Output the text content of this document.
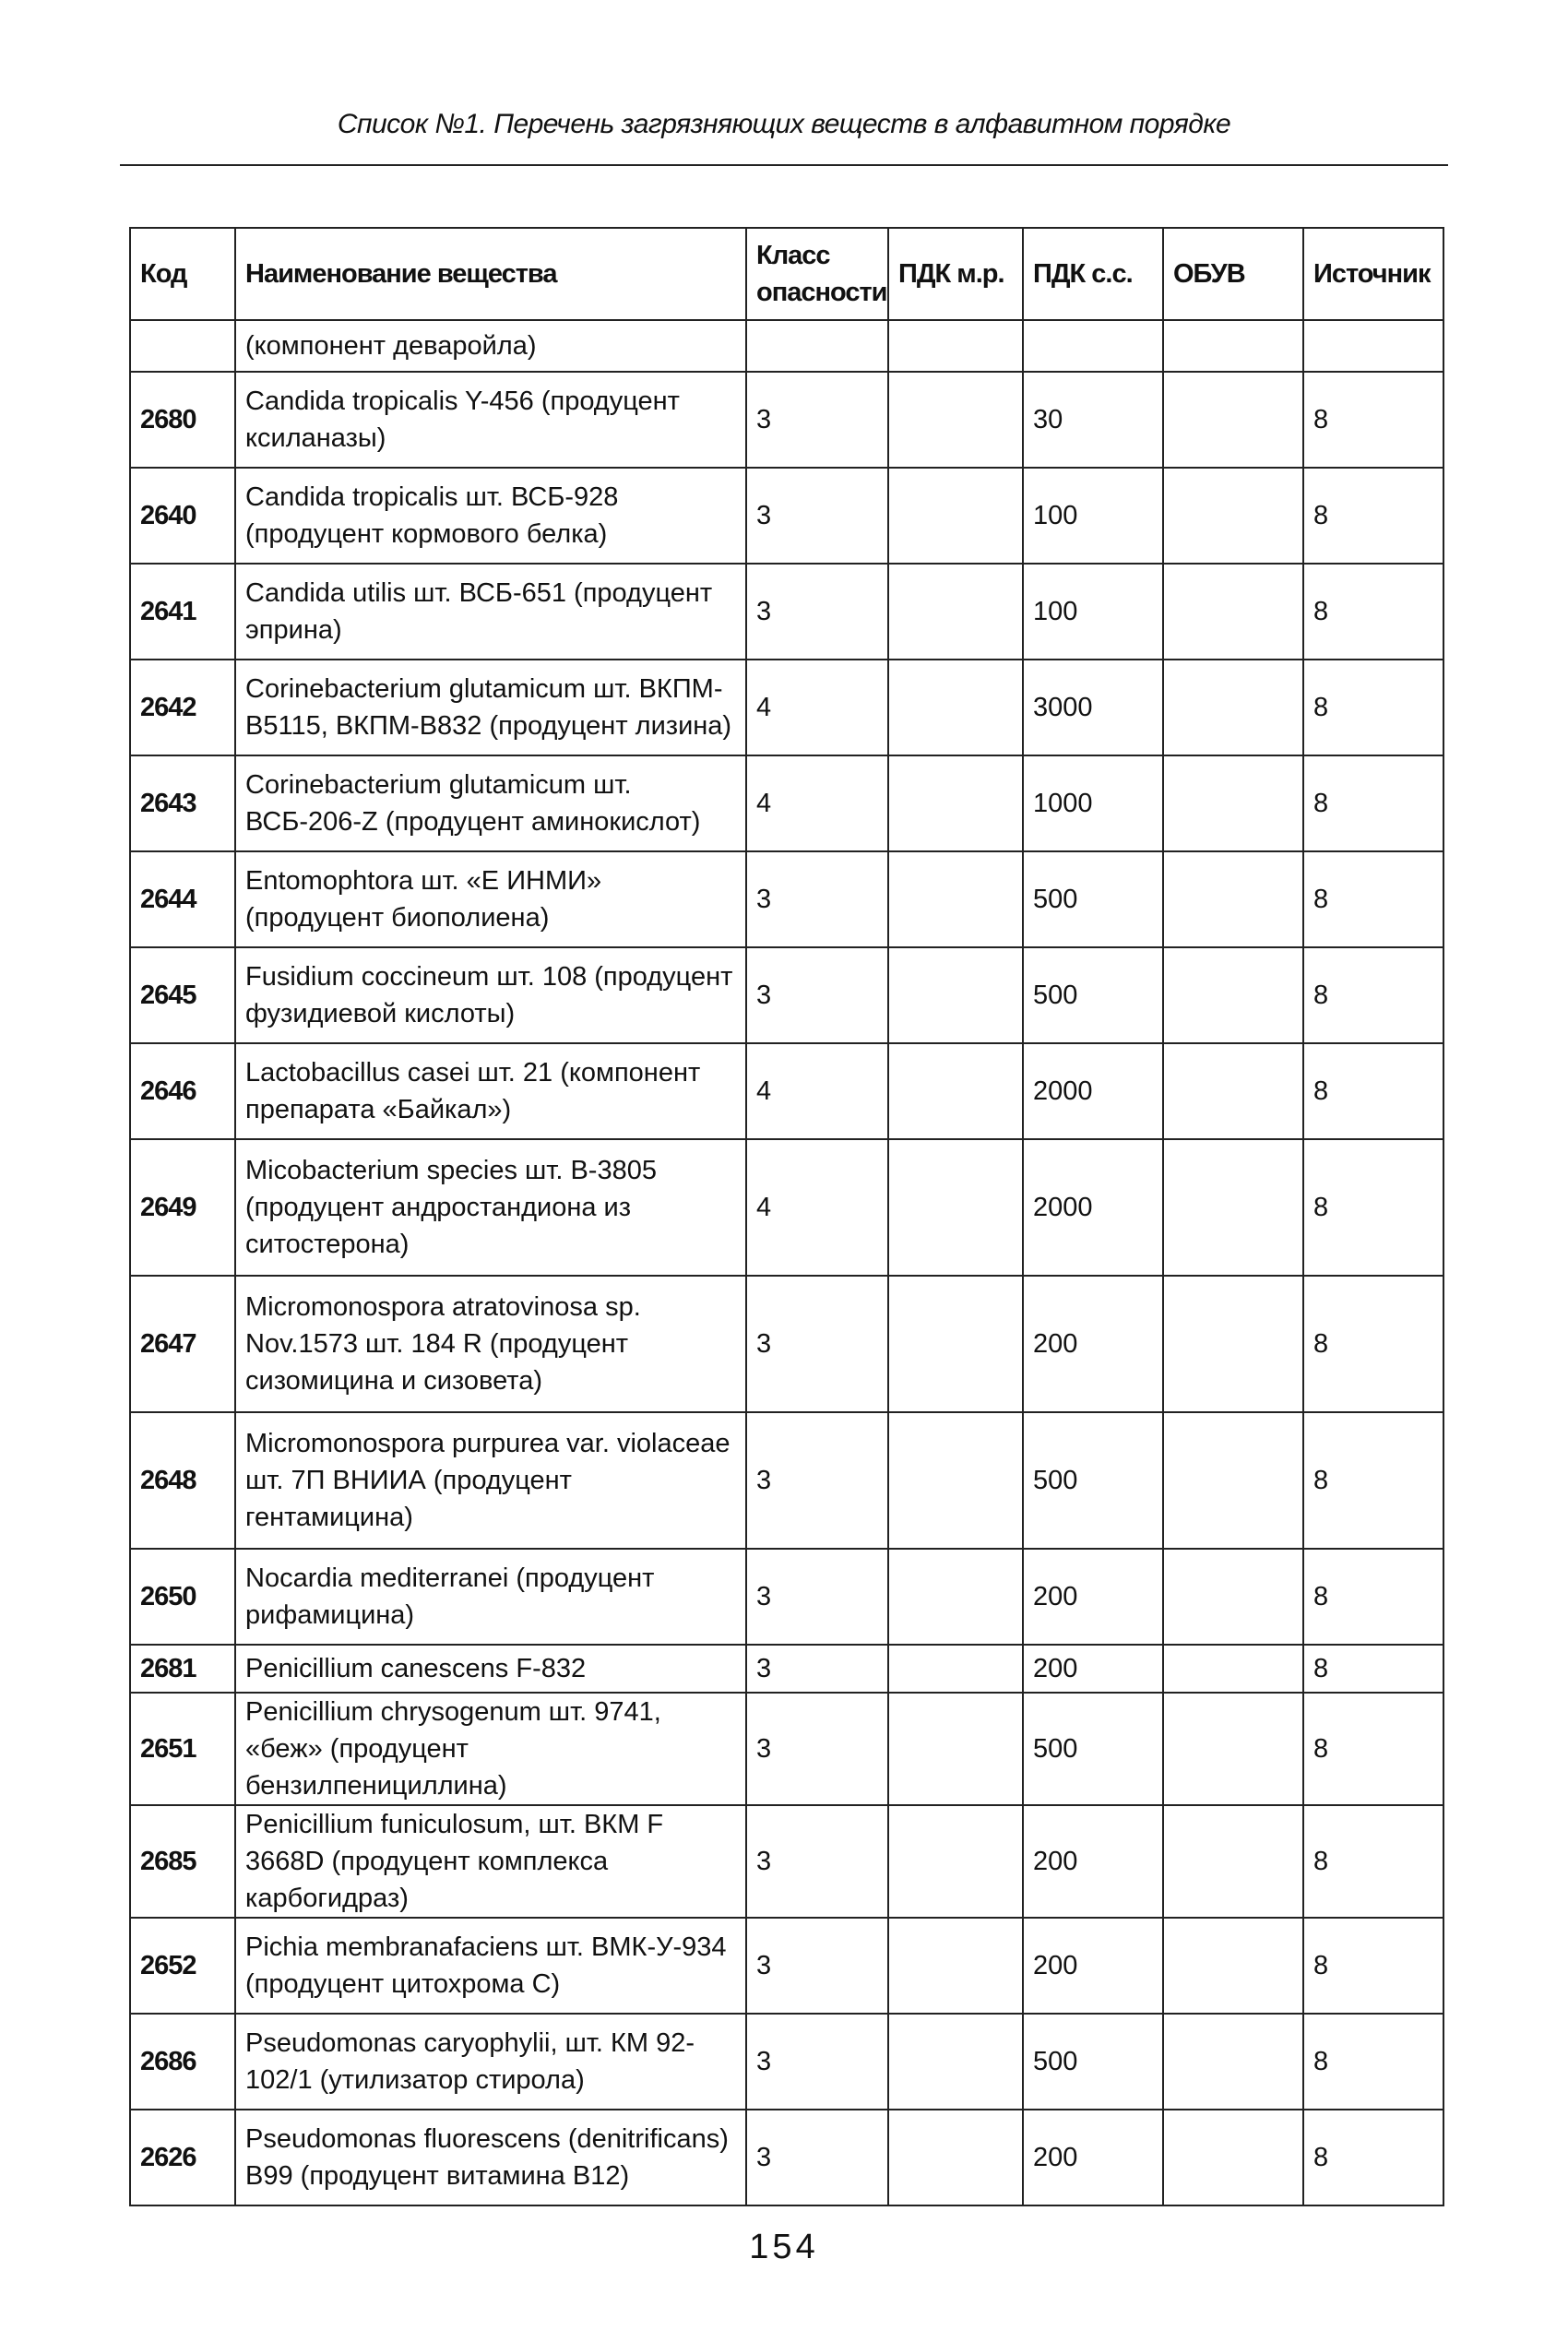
Список №1. Перечень загрязняющих веществ в алфавитном порядке
Код	Наименование вещества	Класс опасности	ПДК м.р.	ПДК с.с.	ОБУВ	Источник
	(компонент деваройла)					
2680	Candida tropicalis Y-456 (продуцент ксиланазы)	3		30		8
2640	Candida tropicalis шт. ВСБ-928 (продуцент кормового белка)	3		100		8
2641	Candida utilis шт. ВСБ-651 (продуцент эприна)	3		100		8
2642	Corinebacterium glutamicum шт. ВКПМ-В5115, ВКПМ-В832 (продуцент лизина)	4		3000		8
2643	Corinebacterium glutamicum шт. ВСБ-206-Z (продуцент аминокислот)	4		1000		8
2644	Entomophtora шт. «Е ИНМИ» (продуцент биополиена)	3		500		8
2645	Fusidium coccineum шт. 108 (продуцент фузидиевой кислоты)	3		500		8
2646	Lactobacillus casei шт. 21 (компонент препарата «Байкал»)	4		2000		8
2649	Micobacterium species шт. В-3805 (продуцент андростандиона из ситостерона)	4		2000		8
2647	Micromonospora atratovinosa sp. Nov.1573 шт. 184 R (продуцент сизомицина и сизовета)	3		200		8
2648	Micromonospora purpurea var. violaceae шт. 7П ВНИИА (продуцент гентамицина)	3		500		8
2650	Nocardia mediterranei (продуцент рифамицина)	3		200		8
2681	Penicillium canescens F-832	3		200		8
2651	Penicillium chrysogenum шт. 9741, «беж» (продуцент бензилпенициллина)	3		500		8
2685	Penicillium funiculosum, шт. ВКМ F 3668D (продуцент комплекса карбогидраз)	3		200		8
2652	Pichia membranafaciens шт. ВМК-У-934 (продуцент цитохрома С)	3		200		8
2686	Pseudomonas caryophylii, шт. КМ 92-102/1 (утилизатор стирола)	3		500		8
2626	Pseudomonas fluorescens (denitrificans) B99 (продуцент витамина B12)	3		200		8
154
